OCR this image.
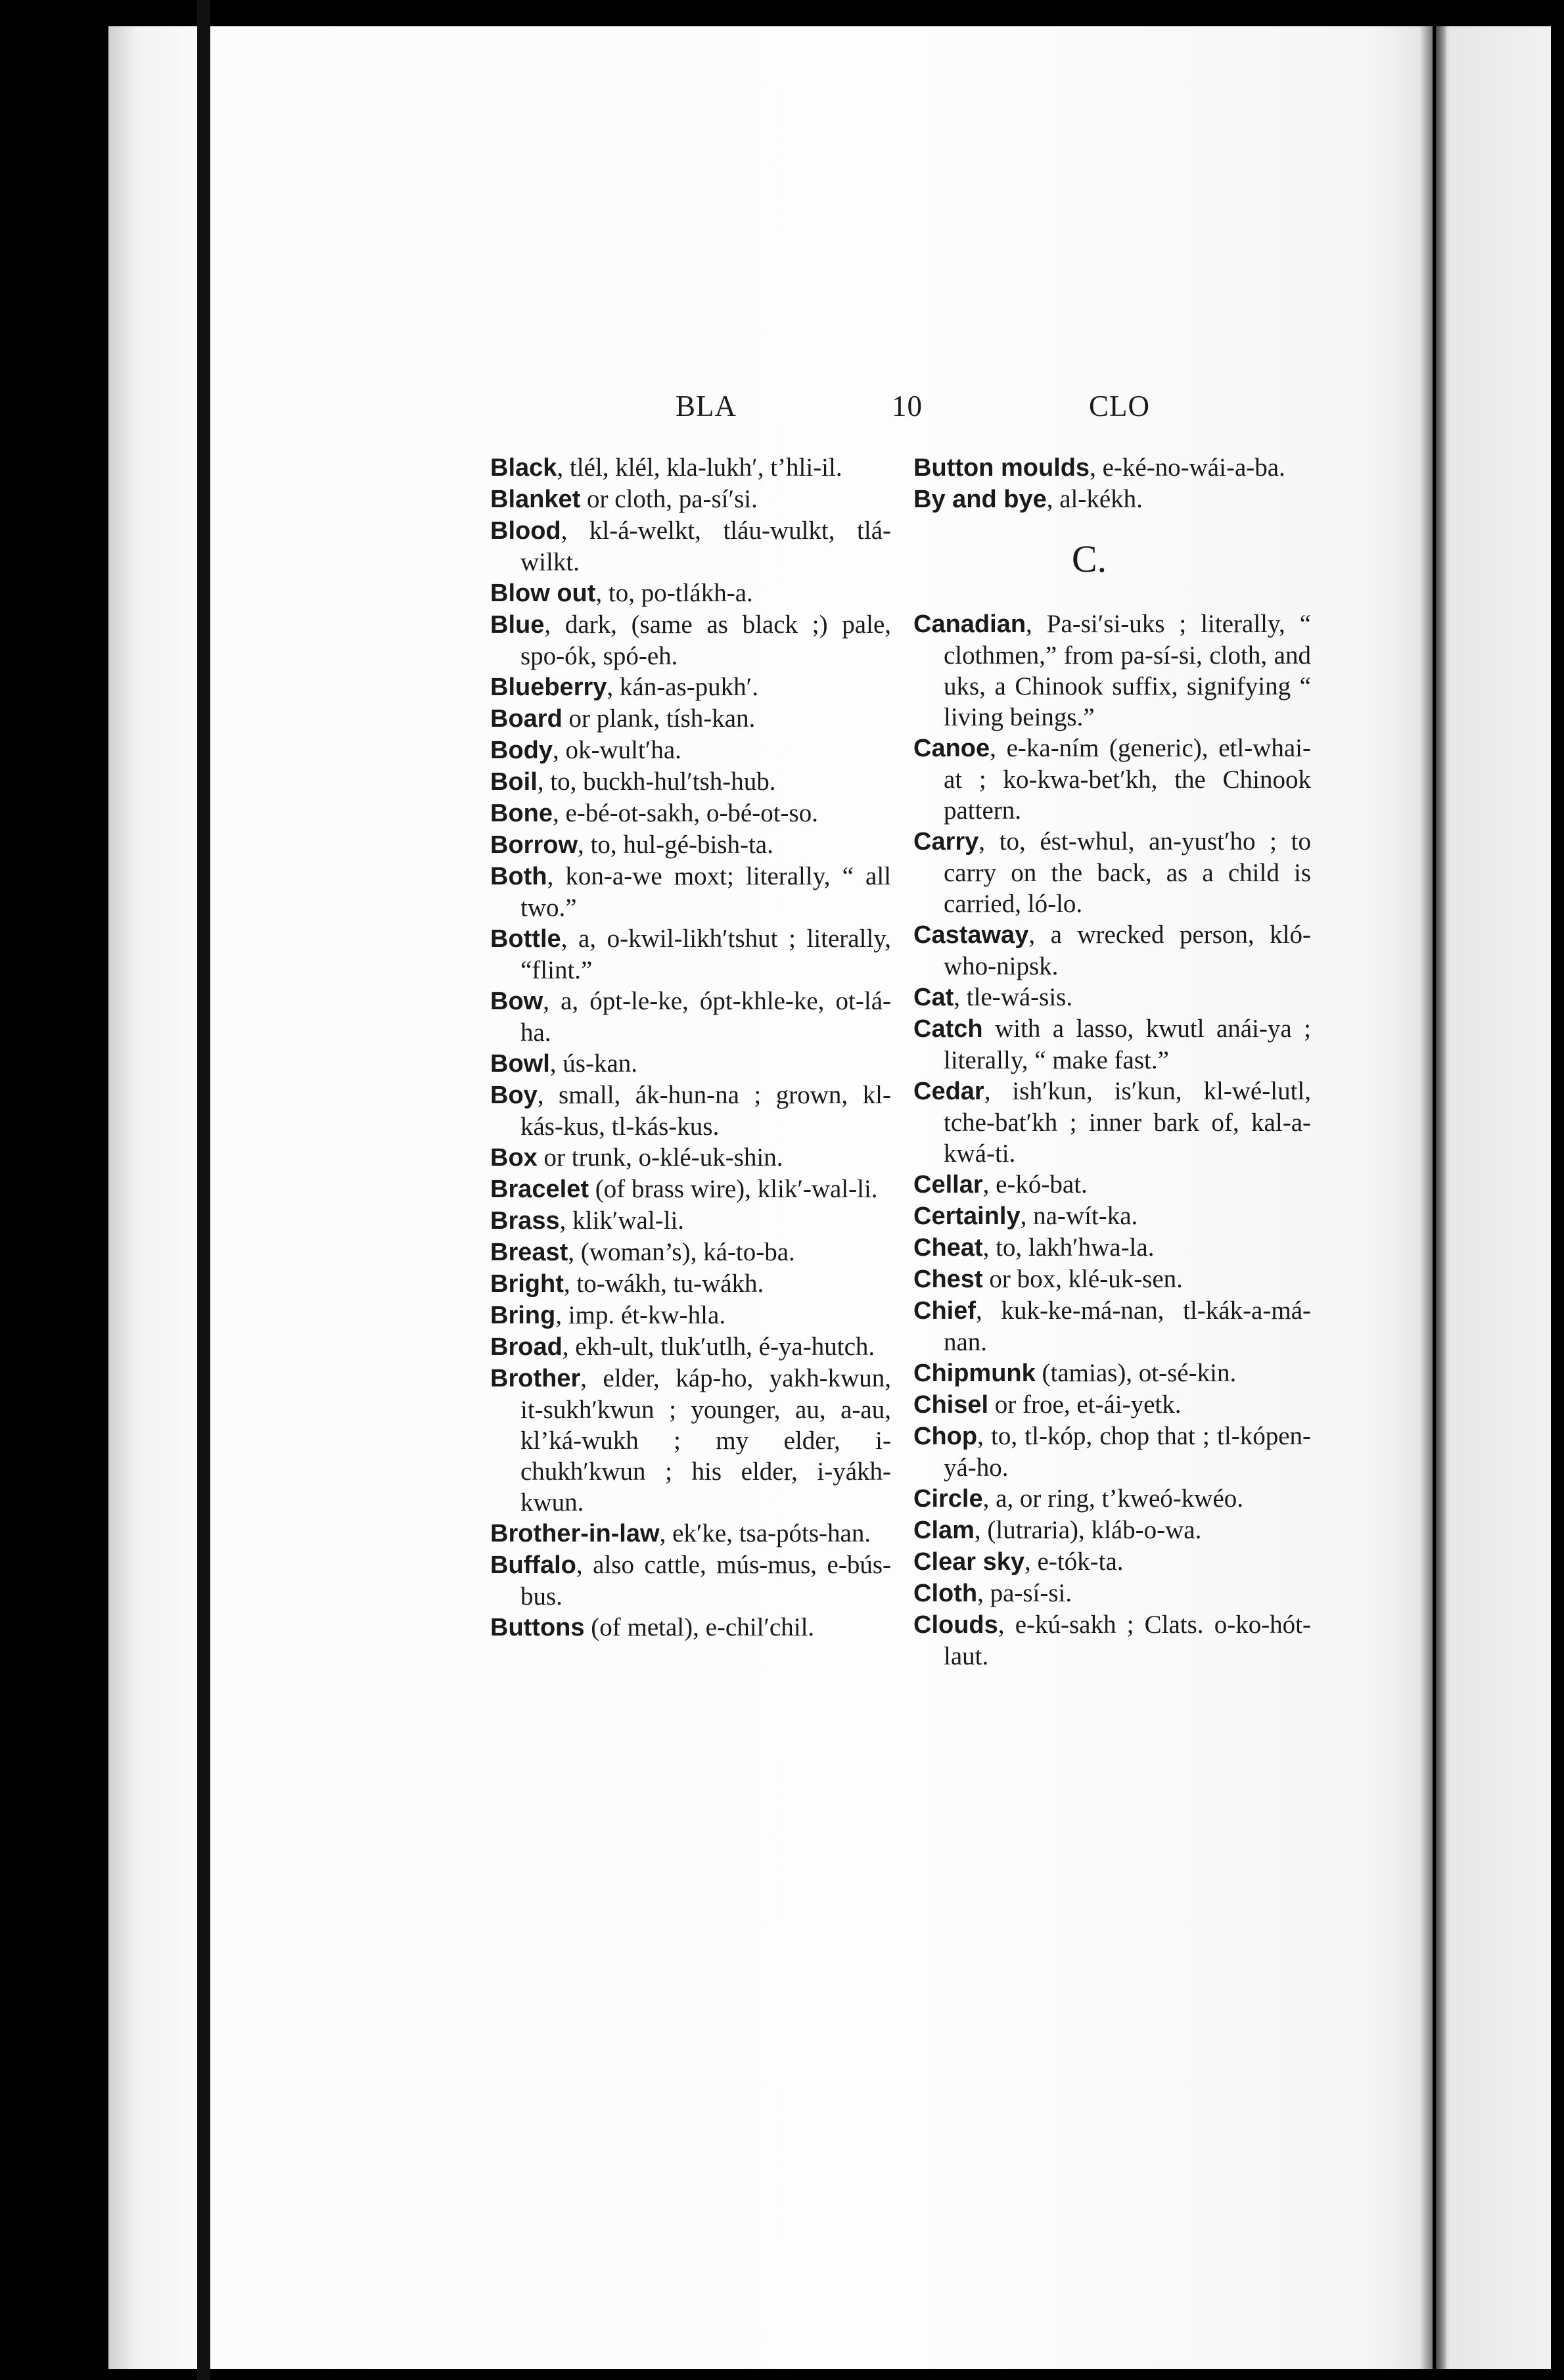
BLA	10	CLO
Black, tlél, klél, kla-lukh′, t’hli-il.
Blanket or cloth, pa-sí′si.
Blood, kl-á-welkt, tláu-wulkt, tlá-wilkt.
Blow out, to, po-tlákh-a.
Blue, dark, (same as black ;) pale, spo-ók, spó-eh.
Blueberry, kán-as-pukh′.
Board or plank, tísh-kan.
Body, ok-wult′ha.
Boil, to, buckh-hul′tsh-hub.
Bone, e-bé-ot-sakh, o-bé-ot-so.
Borrow, to, hul-gé-bish-ta.
Both, kon-a-we moxt; literally, “ all two.”
Bottle, a, o-kwil-likh′tshut ; literally, “flint.”
Bow, a, ópt-le-ke, ópt-khle-ke, ot-lá-ha.
Bowl, ús-kan.
Boy, small, ák-hun-na ; grown, kl-kás-kus, tl-kás-kus.
Box or trunk, o-klé-uk-shin.
Bracelet (of brass wire), klik′-wal-li.
Brass, klik′wal-li.
Breast, (woman’s), ká-to-ba.
Bright, to-wákh, tu-wákh.
Bring, imp. ét-kw-hla.
Broad, ekh-ult, tluk′utlh, é-ya-hutch.
Brother, elder, káp-ho, yakh-kwun, it-sukh′kwun ; younger, au, a-au, kl’ká-wukh ; my elder, i-chukh′kwun ; his elder, i-yákh-kwun.
Brother-in-law, ek′ke, tsa-póts-han.
Buffalo, also cattle, mús-mus, e-bús-bus.
Buttons (of metal), e-chil′chil.
Button moulds, e-ké-no-wái-a-ba.
By and bye, al-kékh.
C.
Canadian, Pa-si′si-uks ; literally, “ clothmen,” from pa-sí-si, cloth, and uks, a Chinook suffix, signifying “ living beings.”
Canoe, e-ka-ním (generic), etl-whai-at ; ko-kwa-bet′kh, the Chinook pattern.
Carry, to, ést-whul, an-yust′ho ; to carry on the back, as a child is carried, ló-lo.
Castaway, a wrecked person, kló-who-nipsk.
Cat, tle-wá-sis.
Catch with a lasso, kwutl anái-ya ; literally, “ make fast.”
Cedar, ish′kun, is′kun, kl-wé-lutl, tche-bat′kh ; inner bark of, kal-a-kwá-ti.
Cellar, e-kó-bat.
Certainly, na-wít-ka.
Cheat, to, lakh′hwa-la.
Chest or box, klé-uk-sen.
Chief, kuk-ke-má-nan, tl-kák-a-má-nan.
Chipmunk (tamias), ot-sé-kin.
Chisel or froe, et-ái-yetk.
Chop, to, tl-kóp, chop that ; tl-kópen-yá-ho.
Circle, a, or ring, t’kweó-kwéo.
Clam, (lutraria), kláb-o-wa.
Clear sky, e-tók-ta.
Cloth, pa-sí-si.
Clouds, e-kú-sakh ; Clats. o-ko-hót-laut.
